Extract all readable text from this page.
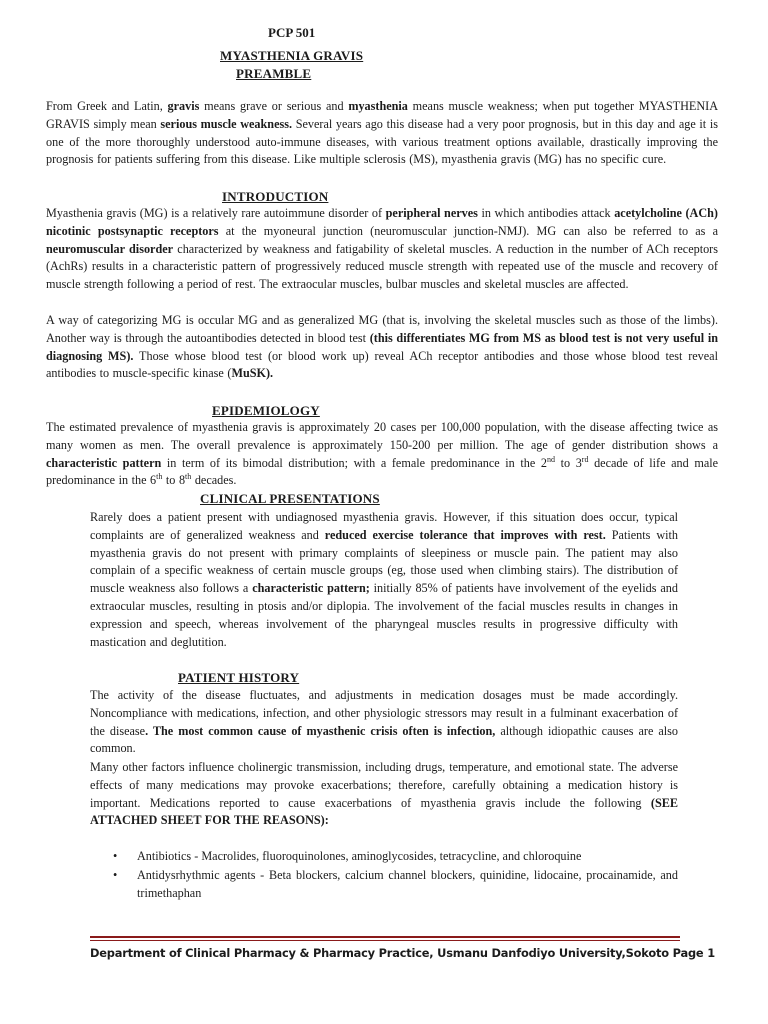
PCP 501
MYASTHENIA GRAVIS
PREAMBLE
From Greek and Latin, gravis means grave or serious and myasthenia means muscle weakness; when put together MYASTHENIA GRAVIS simply mean serious muscle weakness. Several years ago this disease had a very poor prognosis, but in this day and age it is one of the more thoroughly understood auto-immune diseases, with various treatment options available, drastically improving the prognosis for patients suffering from this disease. Like multiple sclerosis (MS), myasthenia gravis (MG) has no specific cure.
INTRODUCTION
Myasthenia gravis (MG) is a relatively rare autoimmune disorder of peripheral nerves in which antibodies attack acetylcholine (ACh) nicotinic postsynaptic receptors at the myoneural junction (neuromuscular junction-NMJ). MG can also be referred to as a neuromuscular disorder characterized by weakness and fatigability of skeletal muscles. A reduction in the number of ACh receptors (AchRs) results in a characteristic pattern of progressively reduced muscle strength with repeated use of the muscle and recovery of muscle strength following a period of rest. The extraocular muscles, bulbar muscles and skeletal muscles are affected.
A way of categorizing MG is occular MG and as generalized MG (that is, involving the skeletal muscles such as those of the limbs). Another way is through the autoantibodies detected in blood test (this differentiates MG from MS as blood test is not very useful in diagnosing MS). Those whose blood test (or blood work up) reveal ACh receptor antibodies and those whose blood test reveal antibodies to muscle-specific kinase (MuSK).
EPIDEMIOLOGY
The estimated prevalence of myasthenia gravis is approximately 20 cases per 100,000 population, with the disease affecting twice as many women as men. The overall prevalence is approximately 150-200 per million. The age of gender distribution shows a characteristic pattern in term of its bimodal distribution; with a female predominance in the 2nd to 3rd decade of life and male predominance in the 6th to 8th decades.
CLINICAL PRESENTATIONS
Rarely does a patient present with undiagnosed myasthenia gravis. However, if this situation does occur, typical complaints are of generalized weakness and reduced exercise tolerance that improves with rest. Patients with myasthenia gravis do not present with primary complaints of sleepiness or muscle pain. The patient may also complain of a specific weakness of certain muscle groups (eg, those used when climbing stairs). The distribution of muscle weakness also follows a characteristic pattern; initially 85% of patients have involvement of the eyelids and extraocular muscles, resulting in ptosis and/or diplopia. The involvement of the facial muscles results in changes in expression and speech, whereas involvement of the pharyngeal muscles results in progressive difficulty with mastication and deglutition.
PATIENT HISTORY
The activity of the disease fluctuates, and adjustments in medication dosages must be made accordingly. Noncompliance with medications, infection, and other physiologic stressors may result in a fulminant exacerbation of the disease. The most common cause of myasthenic crisis often is infection, although idiopathic causes are also common.
Many other factors influence cholinergic transmission, including drugs, temperature, and emotional state. The adverse effects of many medications may provoke exacerbations; therefore, carefully obtaining a medication history is important. Medications reported to cause exacerbations of myasthenia gravis include the following (SEE ATTACHED SHEET FOR THE REASONS):
• Antibiotics - Macrolides, fluoroquinolones, aminoglycosides, tetracycline, and chloroquine
• Antidysrhythmic agents - Beta blockers, calcium channel blockers, quinidine, lidocaine, procainamide, and trimethaphan
Department of Clinical Pharmacy & Pharmacy Practice, Usmanu Danfodiyo University,Sokoto Page 1
